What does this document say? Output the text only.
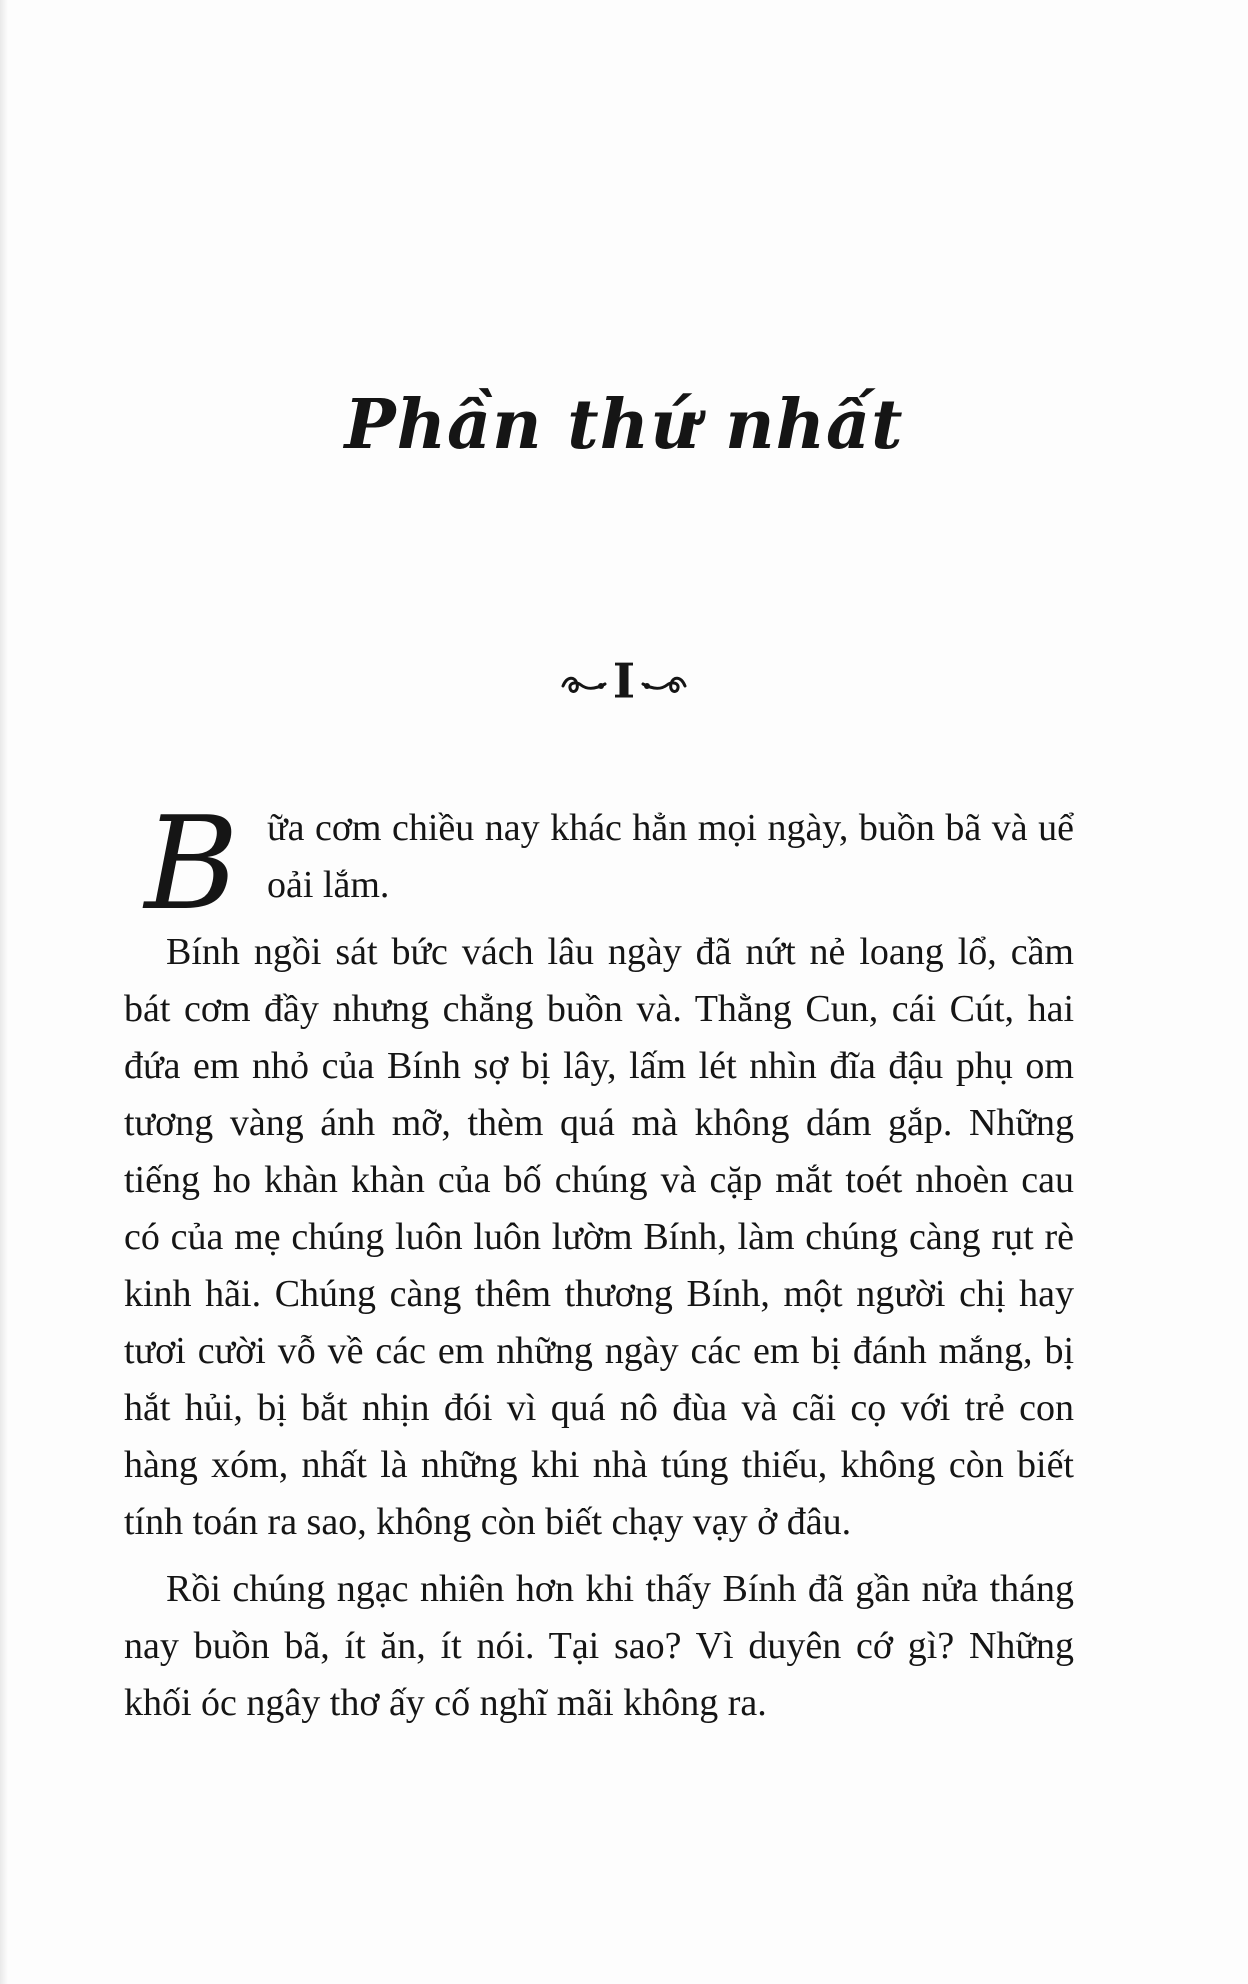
Phần thứ nhất
I

B ữa cơm chiều nay khác hẳn mọi ngày, buồn bã và uể oải lắm.

Bính ngồi sát bức vách lâu ngày đã nứt nẻ loang lổ, cầm bát cơm đầy nhưng chẳng buồn và. Thằng Cun, cái Cút, hai đứa em nhỏ của Bính sợ bị lây, lấm lét nhìn đĩa đậu phụ om tương vàng ánh mỡ, thèm quá mà không dám gắp. Những tiếng ho khàn khàn của bố chúng và cặp mắt toét nhoèn cau có của mẹ chúng luôn luôn lườm Bính, làm chúng càng rụt rè kinh hãi. Chúng càng thêm thương Bính, một người chị hay tươi cười vỗ về các em những ngày các em bị đánh mắng, bị hắt hủi, bị bắt nhịn đói vì quá nô đùa và cãi cọ với trẻ con hàng xóm, nhất là những khi nhà túng thiếu, không còn biết tính toán ra sao, không còn biết chạy vạy ở đâu.

Rồi chúng ngạc nhiên hơn khi thấy Bính đã gần nửa tháng nay buồn bã, ít ăn, ít nói. Tại sao? Vì duyên cớ gì? Những khối óc ngây thơ ấy cố nghĩ mãi không ra.
